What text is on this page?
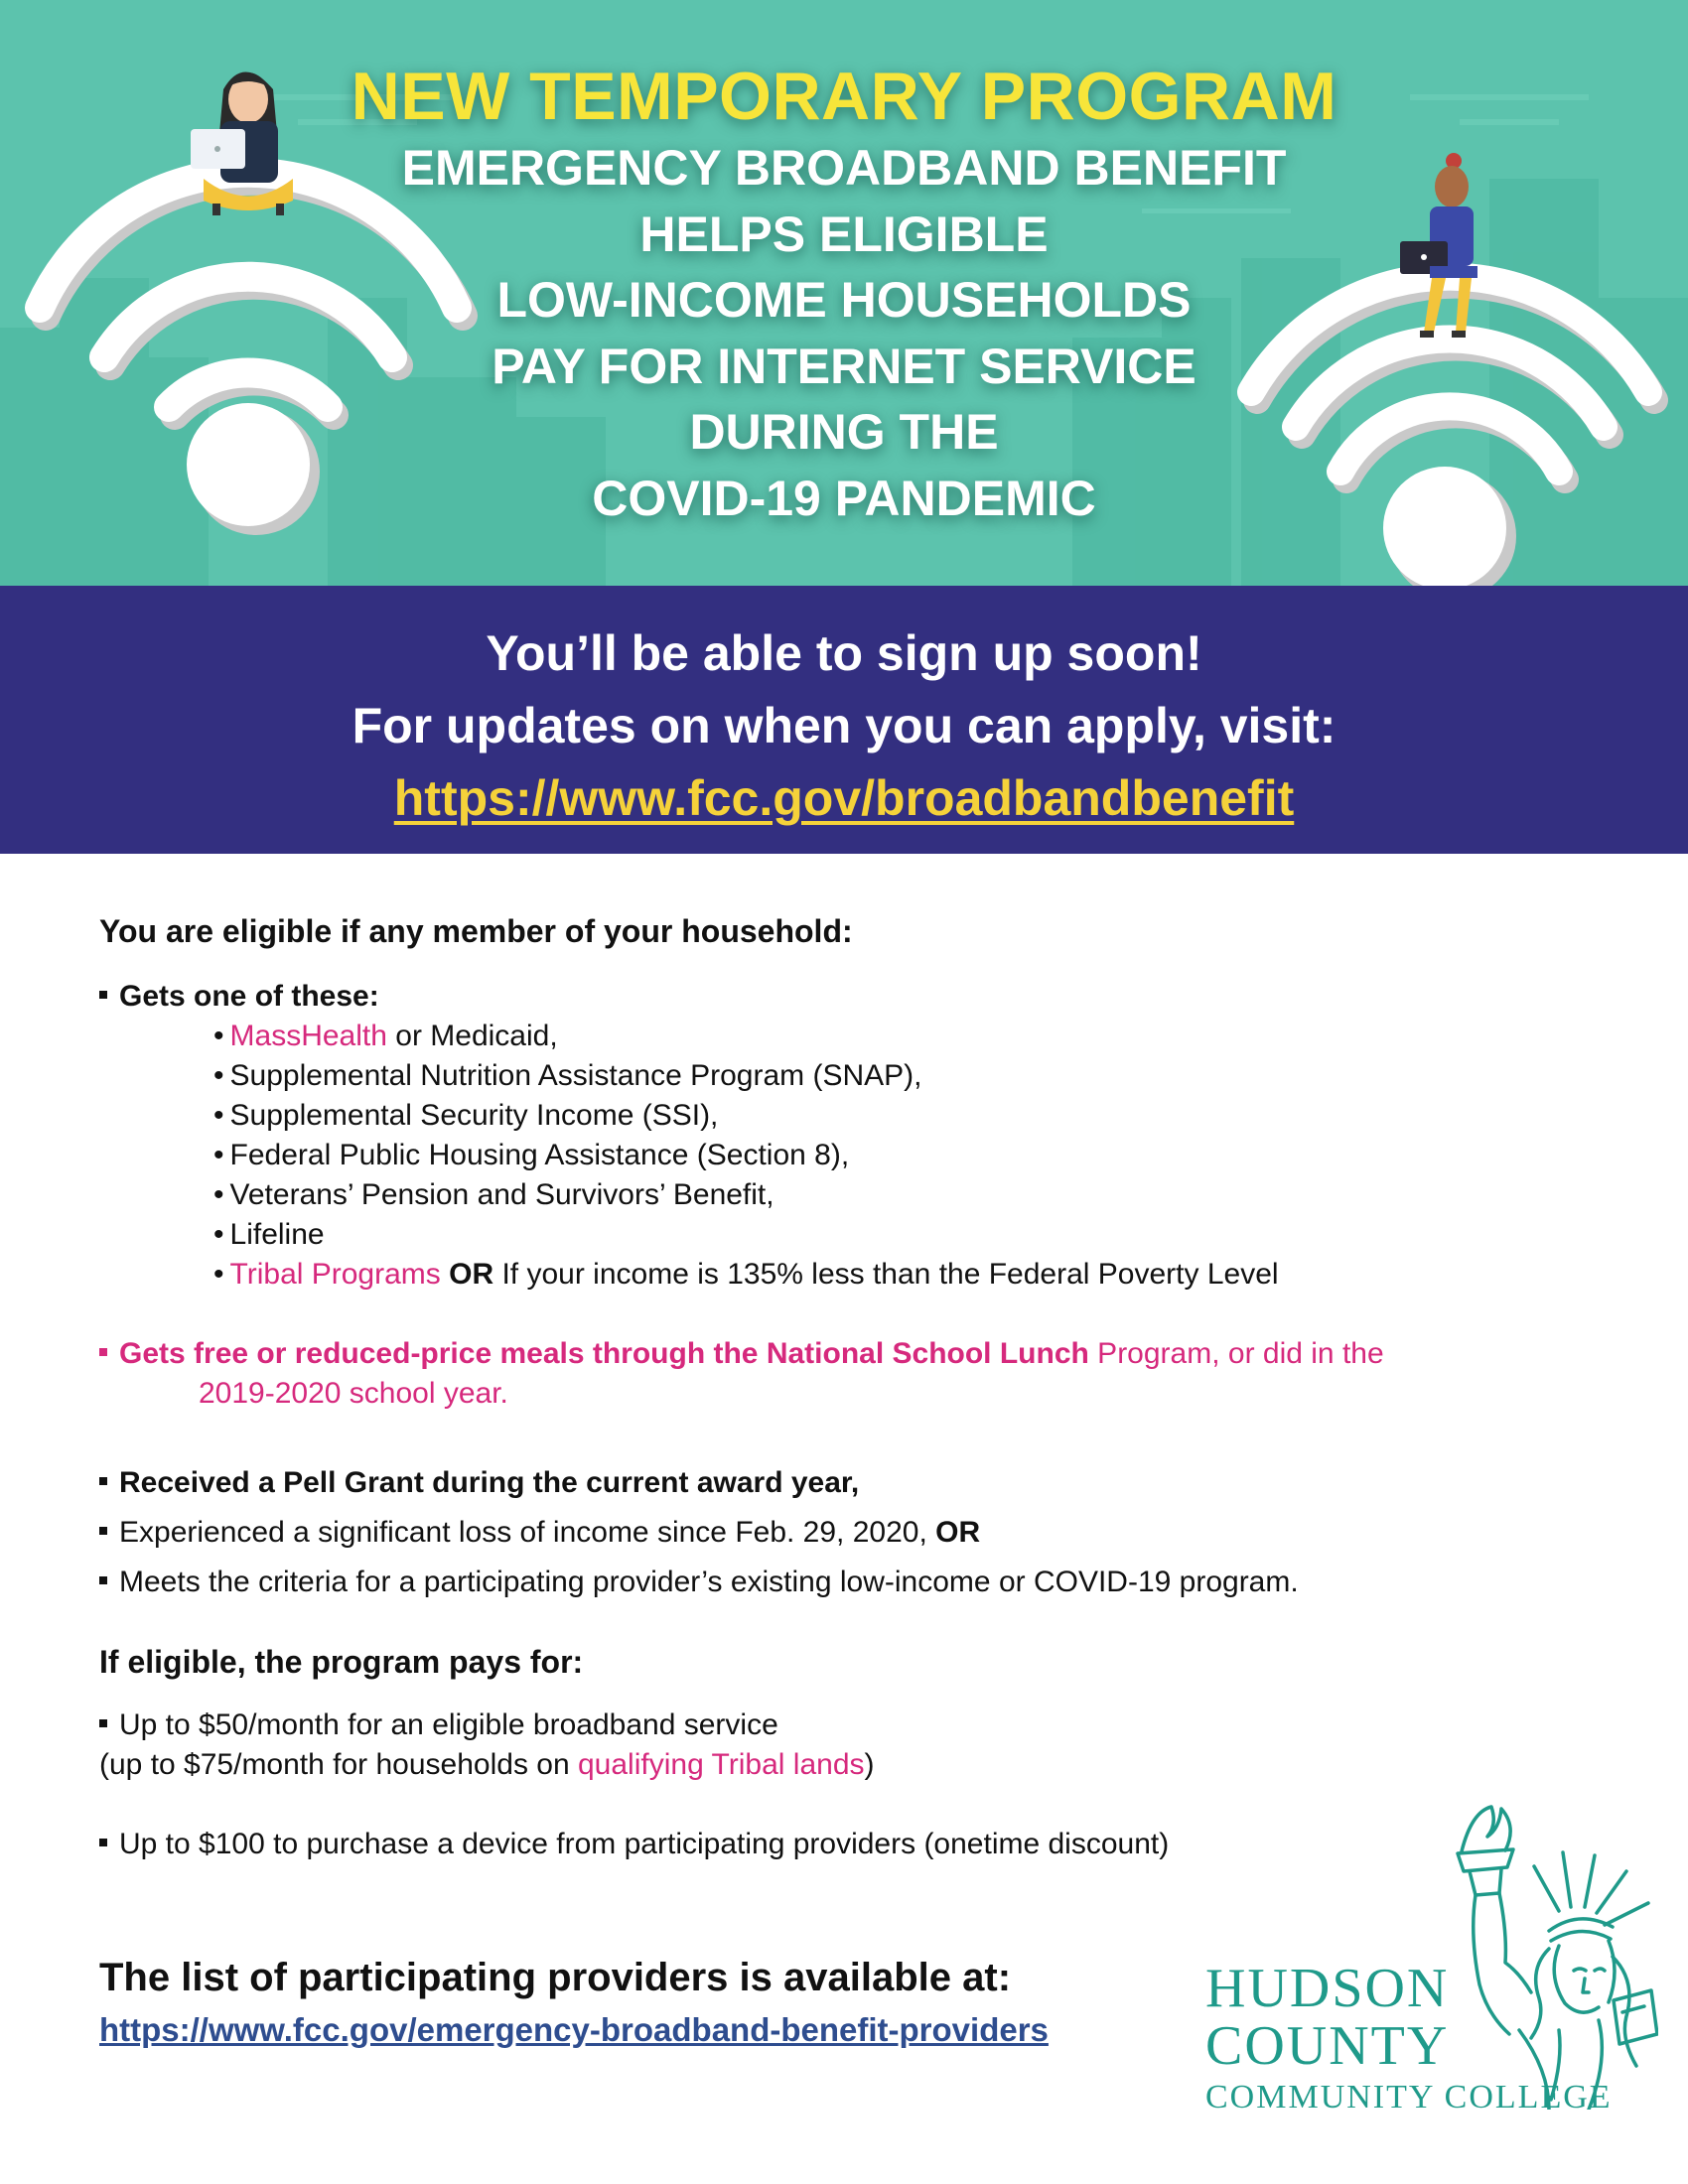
NEW TEMPORARY PROGRAM
EMERGENCY BROADBAND BENEFIT
HELPS ELIGIBLE
LOW-INCOME HOUSEHOLDS
PAY FOR INTERNET SERVICE
DURING THE
COVID-19 PANDEMIC
You’ll be able to sign up soon!
For updates on when you can apply, visit:
https://www.fcc.gov/broadbandbenefit
You are eligible if any member of your household:
Gets one of these:
• MassHealth or Medicaid,
• Supplemental Nutrition Assistance Program (SNAP),
• Supplemental Security Income (SSI),
• Federal Public Housing Assistance (Section 8),
• Veterans’ Pension and Survivors’ Benefit,
• Lifeline
• Tribal Programs OR If your income is 135% less than the Federal Poverty Level
Gets free or reduced-price meals through the National School Lunch Program, or did in the
2019-2020 school year.
Received a Pell Grant during the current award year,
Experienced a significant loss of income since Feb. 29, 2020, OR
Meets the criteria for a participating provider’s existing low-income or COVID-19 program.
If eligible, the program pays for:
Up to $50/month for an eligible broadband service
(up to $75/month for households on qualifying Tribal lands)
Up to $100 to purchase a device from participating providers (onetime discount)
The list of participating providers is available at:
https://www.fcc.gov/emergency-broadband-benefit-providers
HUDSON
COUNTY
COMMUNITY COLLEGE
